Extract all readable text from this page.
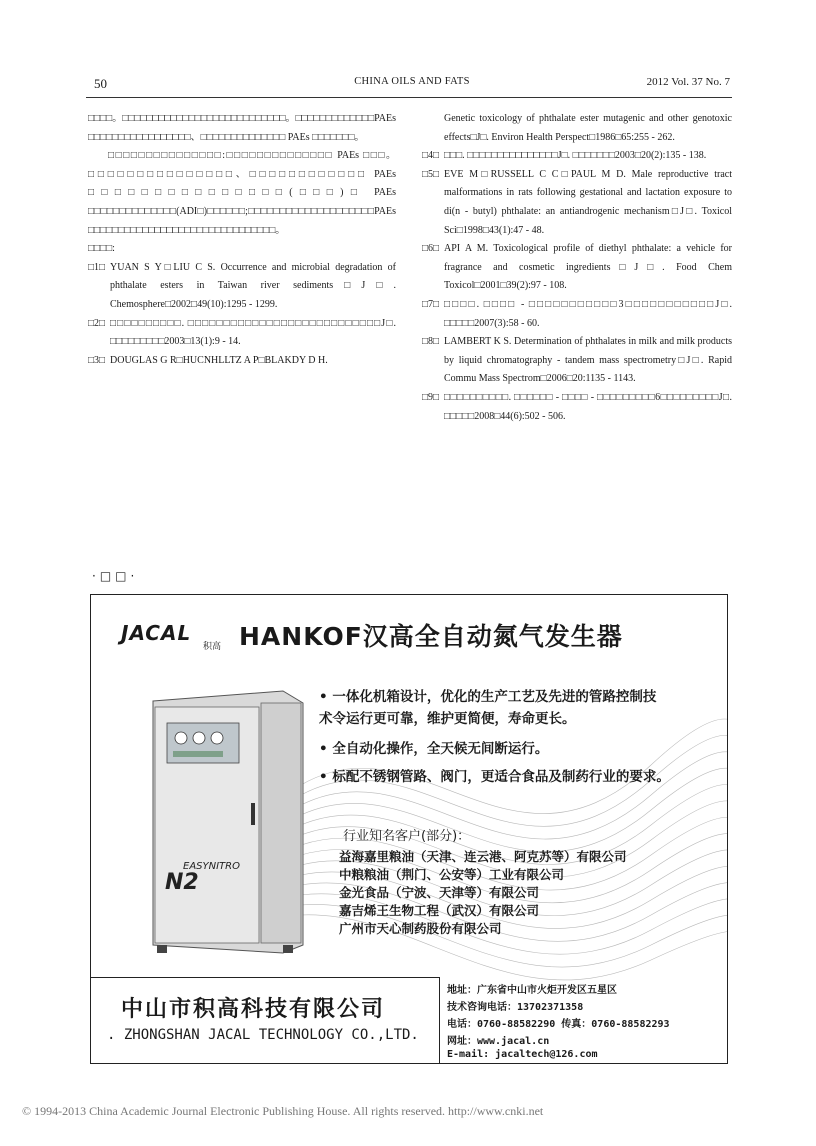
50	CHINA OILS AND FATS	2012 Vol. 37 No. 7

□□□□。□□□□□□□□□□□□□□□□□□□□□□□□□□□。□□□□□□□□□□□□□PAEs □□□□□□□□□□□□□□□□□、□□□□□□□□□□□□□□ PAEs □□□□□□□。

□□□□□□□□□□□□□□□:□□□□□□□□□□□□□□ PAEs □□□。□□□□□□□□□□□□□□□、□□□□□□□□□□□□ PAEs □□□□□□□□□□□□□□□(□□□)□ PAEs □□□□□□□□□□□□□□(ADI□)□□□□□□;□□□□□□□□□□□□□□□□□□□□PAEs □□□□□□□□□□□□□□□□□□□□□□□□□□□□□□□。

□□□□:

□1□ YUAN S Y□LIU C S. Occurrence and microbial degradation of phthalate esters in Taiwan river sediments□J□. Chemosphere□2002□49(10):1295 - 1299.

□2□ □□□□□□□□□□. □□□□□□□□□□□□□□□□□□□□□□□□□□□J□. □□□□□□□□□2003□13(1):9 - 14.

□3□ DOUGLAS G R□HUCNHLLTZ A P□BLAKDY D H.

Genetic toxicology of phthalate ester mutagenic and other genotoxic effects□J□. Environ Health Perspect□1986□65:255 - 262.

□4□ □□□. □□□□□□□□□□□□□□□J□. □□□□□□□2003□20(2):135 - 138.

□5□ EVE M□RUSSELL C C□PAUL M D. Male reproductive tract malformations in rats following gestational and lactation exposure to di(n - butyl) phthalate: an antiandrogenic mechanism□J□. Toxicol Sci□1998□43(1):47 - 48.

□6□ API A M. Toxicological profile of diethyl phthalate: a vehicle for fragrance and cosmetic ingredients□J□. Food Chem Toxicol□2001□39(2):97 - 108.

□7□ □□□□. □□□□ - □□□□□□□□□□□3□□□□□□□□□□□J□. □□□□□2007(3):58 - 60.

□8□ LAMBERT K S. Determination of phthalates in milk and milk products by liquid chromatography - tandem mass spectrometry□J□. Rapid Commu Mass Spectrom□2006□20:1135 - 1143.

□9□ □□□□□□□□□□. □□□□□□ - □□□□ - □□□□□□□□□6□□□□□□□□□J□. □□□□□2008□44(6):502 - 506.

·□□·
JACAL
积高 HANKOF汉高全自动氮气发生器
EASYNITRO
N2
• 一体化机箱设计，优化的生产工艺及先进的管路控制技
术令运行更可靠，维护更简便，寿命更长。
• 全自动化操作，全天候无间断运行。
• 标配不锈钢管路、阀门，更适合食品及制药行业的要求。
行业知名客户(部分)：
益海嘉里粮油（天津、连云港、阿克苏等）有限公司
中粮粮油（荆门、公安等）工业有限公司
金光食品（宁波、天津等）有限公司
嘉吉烯王生物工程（武汉）有限公司
广州市天心制药股份有限公司
中山市积高科技有限公司
. ZHONGSHAN JACAL TECHNOLOGY CO.,LTD.
地址：广东省中山市火炬开发区五星区
技术咨询电话：13702371358
电话：0760-88582290 传真：0760-88582293
网址：www.jacal.cn
E-mail: jacaltech@126.com
© 1994-2013 China Academic Journal Electronic Publishing House. All rights reserved. http://www.cnki.net
